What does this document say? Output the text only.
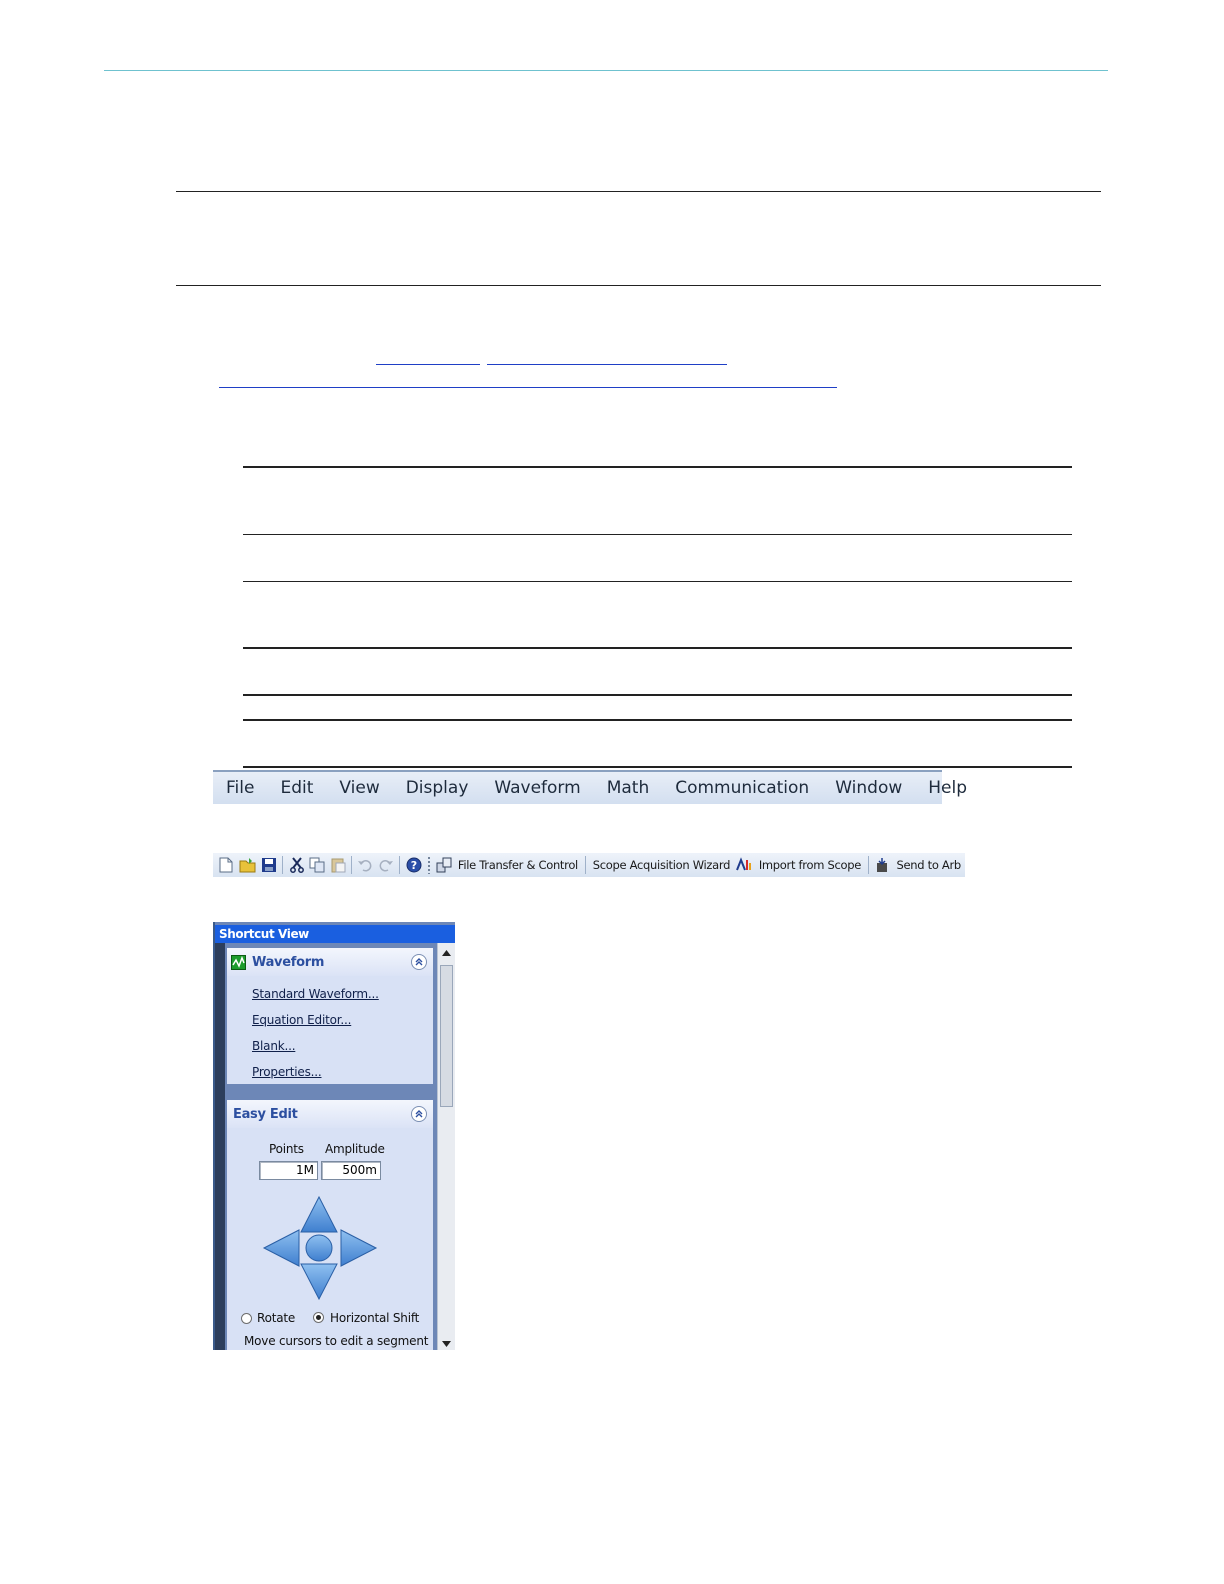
File	Edit	View	Display	Waveform	Math	Communication	Window	Help
?	File Transfer & Control	Scope Acquisition Wizard	Import from Scope	Send to Arb
Shortcut View
Waveform
Standard Waveform...
Equation Editor...
Blank...
Properties...
Easy Edit
Points Amplitude
1M	500m
Rotate	Horizontal Shift
Move cursors to edit a segment
